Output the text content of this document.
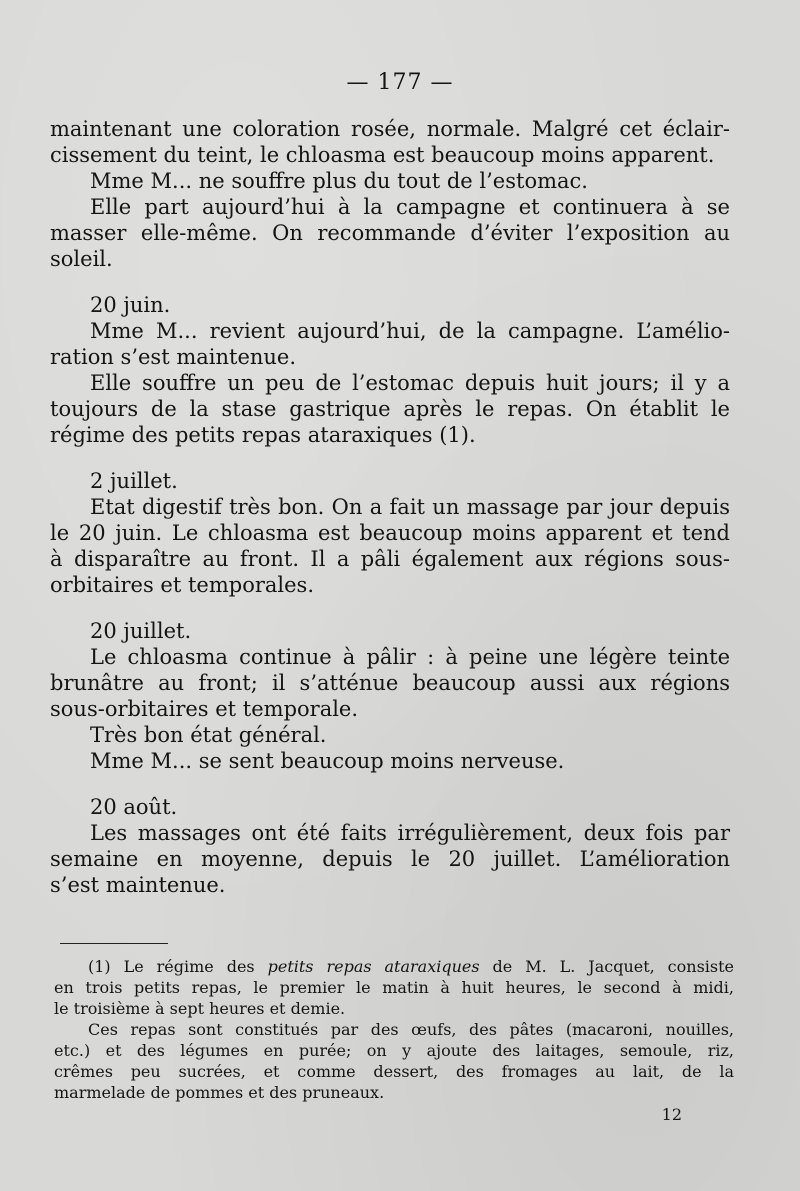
— 177 —

maintenant une coloration rosée, normale. Malgré cet éclair-
cissement du teint, le chloasma est beaucoup moins apparent.

Mme M... ne souffre plus du tout de l’estomac.

Elle part aujourd’hui à la campagne et continuera à se
masser elle-même. On recommande d’éviter l’exposition au
soleil.

20 juin.

Mme M... revient aujourd’hui, de la campagne. L’amélio-
ration s’est maintenue.

Elle souffre un peu de l’estomac depuis huit jours; il y a
toujours de la stase gastrique après le repas. On établit le
régime des petits repas ataraxiques (1).

2 juillet.

Etat digestif très bon. On a fait un massage par jour depuis
le 20 juin. Le chloasma est beaucoup moins apparent et tend
à disparaître au front. Il a pâli également aux régions sous-
orbitaires et temporales.

20 juillet.

Le chloasma continue à pâlir : à peine une légère teinte
brunâtre au front; il s’atténue beaucoup aussi aux régions
sous-orbitaires et temporale.

Très bon état général.

Mme M... se sent beaucoup moins nerveuse.

20 août.

Les massages ont été faits irrégulièrement, deux fois par
semaine en moyenne, depuis le 20 juillet. L’amélioration
s’est maintenue.

(1) Le régime des petits repas ataraxiques de M. L. Jacquet, consiste
en trois petits repas, le premier le matin à huit heures, le second à midi,
le troisième à sept heures et demie.

Ces repas sont constitués par des œufs, des pâtes (macaroni, nouilles,
etc.) et des légumes en purée; on y ajoute des laitages, semoule, riz,
crêmes peu sucrées, et comme dessert, des fromages au lait, de la
marmelade de pommes et des pruneaux.

12
